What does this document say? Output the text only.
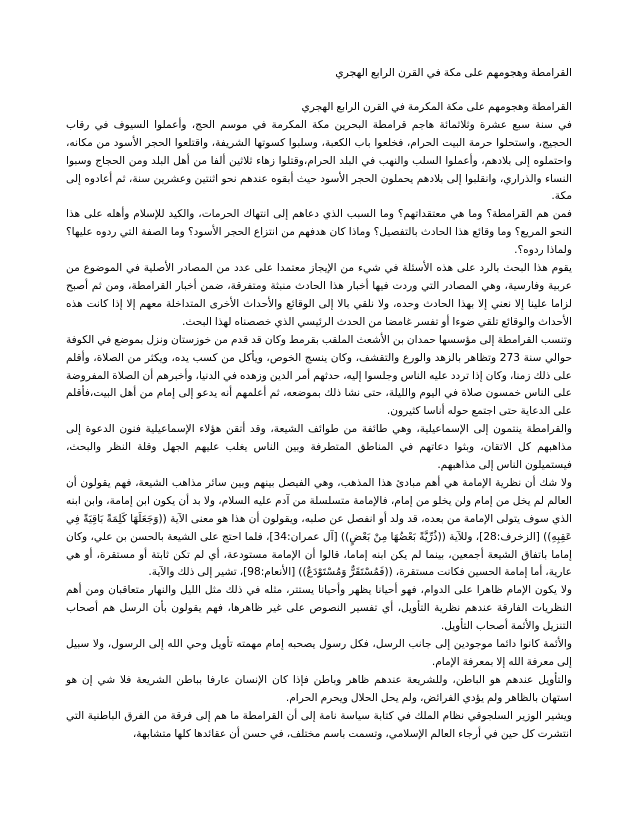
القرامطة وهجومهم على مكة في القرن الرابع الهجري

القرامطة وهجومهم على مكة المكرمة في القرن الرابع الهجري

في سنة سبع عشرة وثلاثمائة هاجم قرامطة البحرين مكة المكرمة في موسم الحج، وأعملوا السيوف في رقاب الحجيج، واستحلوا حرمة البيت الحرام، فخلعوا باب الكعبة، وسلبوا كسوتها الشريفة، واقتلعوا الحجر الأسود من مكانه، واحتملوه إلى بلادهم، وأعملوا السلب والنهب في البلد الحرام،وقتلوا زهاء ثلاثين ألفا من أهل البلد ومن الحجاج وسبوا النساء والذراري، وانقلبوا إلى بلادهم يحملون الحجر الأسود حيث أبقوه عندهم نحو اثنتين وعشرين سنة، ثم أعادوه إلى مكة.

فمن هم القرامطة؟ وما هي معتقداتهم؟ وما السبب الذي دعاهم إلى انتهاك الحرمات، والكيد للإسلام وأهله على هذا النحو المريع؟ وما وقائع هذا الحادث بالتفصيل؟ وماذا كان هدفهم من انتزاع الحجر الأسود؟ وما الصفة التي ردوه عليها؟ ولماذا ردوه؟.

يقوم هذا البحث بالرد على هذه الأسئلة في شيء من الإيجاز معتمدا على عدد من المصادر الأصلية في الموضوع من عربية وفارسية، وهي المصادر التي وردت فيها أخبار هذا الحادث منبثة ومتفرقة، ضمن أخبار القرامطة، ومن ثم أصبح لزاما علينا إلا نعني إلا بهذا الحادث وحده، ولا نلقي بالا إلى الوقائع والأحداث الأخرى المتداخلة معهم إلا إذا كانت هذه الأحداث والوقائع تلقي ضوءا أو تفسر غامضا من الحدث الرئيسي الذي خصصناه لهذا البحث.

وتنسب القرامطة إلى مؤسسها حمدان بن الأشعث الملقب بقرمط وكان قد قدم من خوزستان ونزل بموضع في الكوفة حوالي سنة 273 وتظاهر بالزهد والورع والتقشف، وكان ينسج الخوص، ويأكل من كسب يده، ويكثر من الصلاة، وأقلم على ذلك زمنا، وكان إذا تردد عليه الناس وجلسوا إليه، حدثهم أمر الدين وزهده في الدنيا، وأخبرهم أن الصلاة المفروضة على الناس خمسون صلاة في اليوم والليلة، حتى نشا ذلك بموضعه، ثم أعلمهم أنه يدعو إلى إمام من أهل البيت،فأقلم على الدعاية حتى اجتمع حوله أناسا كثيرون.

والقرامطة ينتمون إلى الإسماعيلية، وهي طائفة من طوائف الشيعة، وقد أتقن هؤلاء الإسماعيلية فنون الدعوة إلى مذاهبهم كل الاتقان، وبثوا دعاتهم في المناطق المتطرفة وبين الناس يغلب عليهم الجهل وقلة النظر والبحث، فيستميلون الناس إلى مذاهبهم.

ولا شك أن نظرية الإمامة هي أهم مبادئ هذا المذهب، وهي الفيصل بينهم وبين سائر مذاهب الشيعة، فهم يقولون أن العالم لم يخل من إمام ولن يخلو من إمام، فالإمامة متسلسلة من آدم عليه السلام، ولا بد أن يكون ابن إمامة، وابن ابنه الذي سوف يتولى الإمامة من بعده، قد ولد أو انفصل عن صلبه، ويقولون أن هذا هو معنى الآية ((وَجَعَلَهَا كَلِمَةً بَاقِيَةً فِي عَقِبِهِ)) [الزخرف:28]، وللآية ((ذُرِّيَّةً بَعْضُهَا مِنْ بَعْضٍ)) [آل عمران:34]، فلما احتج على الشيعة بالحسن بن علي، وكان إماما باتفاق الشيعة أجمعين، بينما لم يكن ابنه إماما، قالوا أن الإمامة مستودعة، أي لم تكن ثابتة أو مستقرة، أو هي عارية، أما إمامة الحسين فكانت مستقرة، ((فَمُسْتَقَرٌّ وَمُسْتَوْدَعٌ)) [الأنعام:98]، تشير إلى ذلك والآية.

ولا يكون الإمام ظاهرا على الدوام، فهو أحيانا يظهر وأحيانا يستتر، مثله في ذلك مثل الليل والنهار متعاقبان ومن أهم النظريات الفارقة عندهم نظرية التأويل، أي تفسير النصوص على غير ظاهرها، فهم يقولون بأن الرسل هم أصحاب التنزيل والأئمة أصحاب التأويل.

والأئمة كانوا دائما موجودين إلى جانب الرسل، فكل رسول يصحبه إمام مهمته تأويل وحي الله إلى الرسول، ولا سبيل إلى معرفة الله إلا بمعرفة الإمام.

والتأويل عندهم هو الباطن، وللشريعة عندهم ظاهر وباطن فإذا كان الإنسان عارفا بباطن الشريعة فلا شي إن هو استهان بالظاهر ولم يؤدي الفرائض، ولم يحل الحلال ويحرم الحرام.

ويشير الوزير السلجوقي نظام الملك في كتابة سياسة نامة إلى أن القرامطة ما هم إلى فرقة من الفرق الباطنية التي انتشرت كل حين في أرجاء العالم الإسلامي، وتسمت باسم مختلف، في حسن أن عقائدها كلها متشابهة،
